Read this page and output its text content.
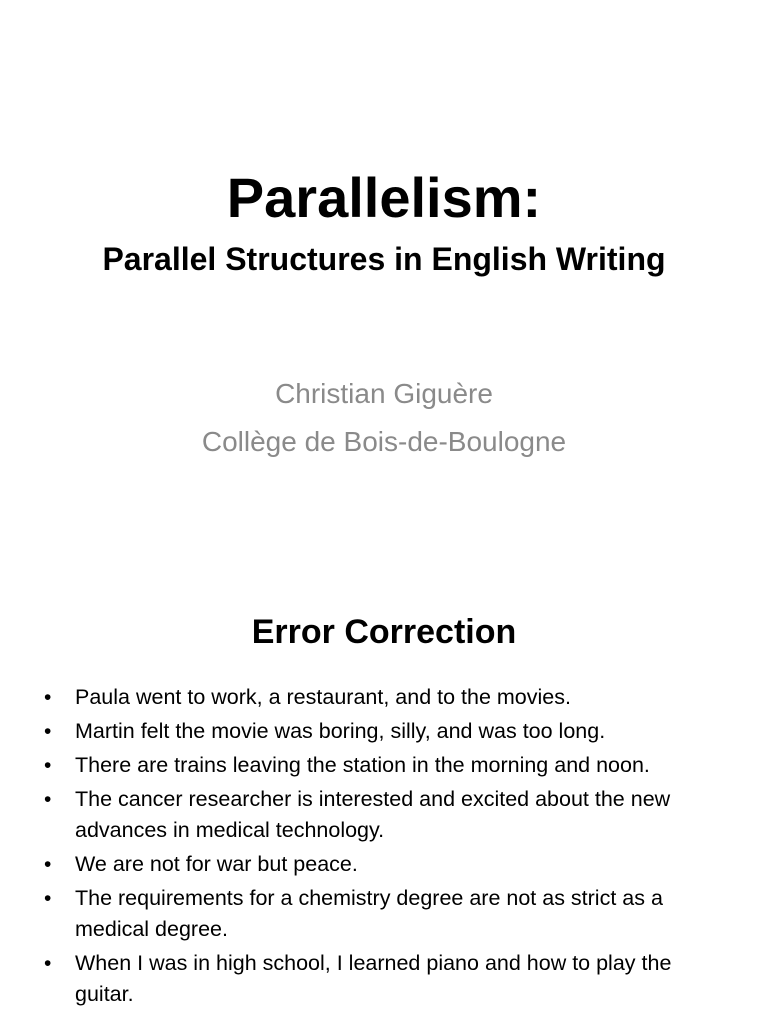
Parallelism:
Parallel Structures in English Writing

Christian Giguère

Collège de Bois-de-Boulogne

Error Correction
•	Paula went to work, a restaurant, and to the movies.
•	Martin felt the movie was boring, silly, and was too long.
•	There are trains leaving the station in the morning and noon.
•	The cancer researcher is interested and excited about the new advances in medical technology.
•	We are not for war but peace.
•	The requirements for a chemistry degree are not as strict as a medical degree.
•	When I was in high school, I learned piano and how to play the guitar.
